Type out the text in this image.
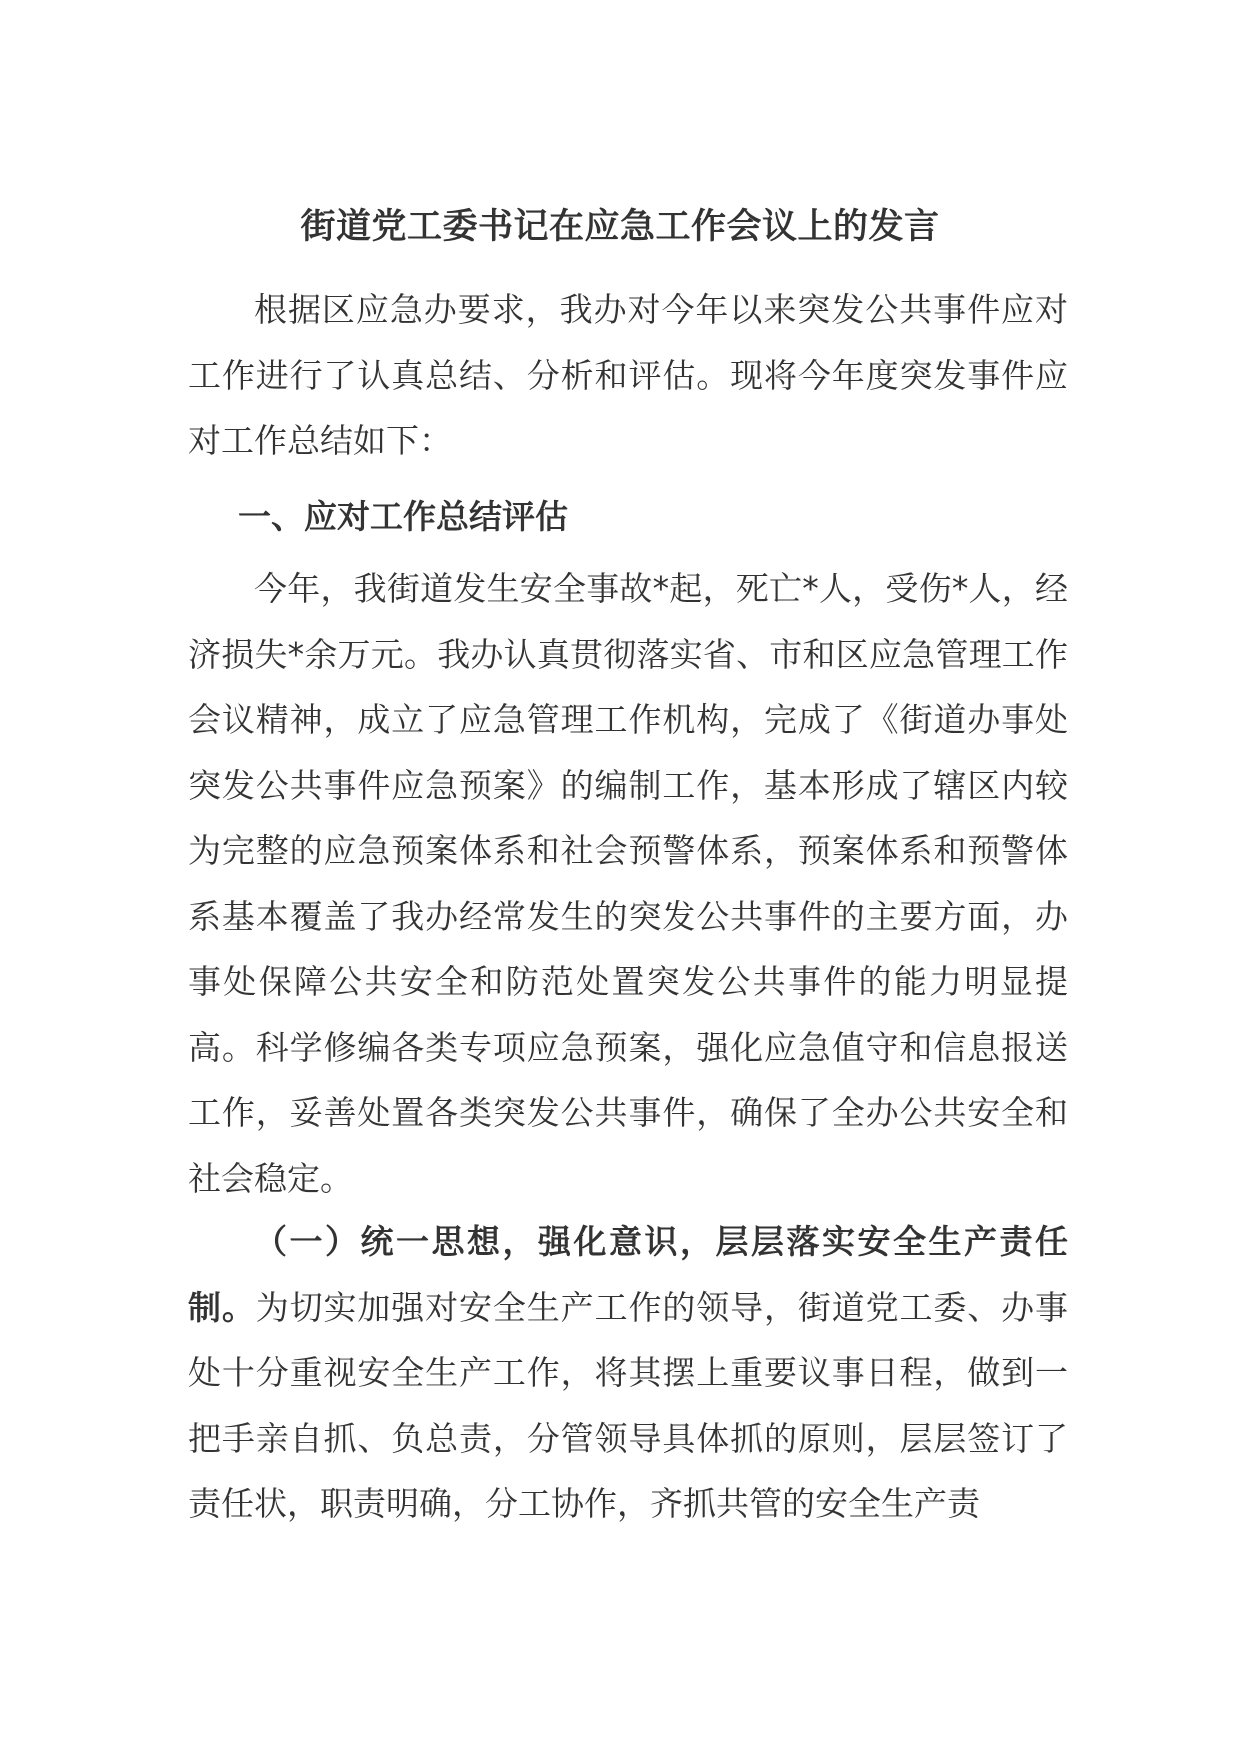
街道党工委书记在应急工作会议上的发言

根据区应急办要求，我办对今年以来突发公共事件应对工作进行了认真总结、分析和评估。现将今年度突发事件应对工作总结如下：

一、应对工作总结评估

今年，我街道发生安全事故*起，死亡*人，受伤*人，经济损失*余万元。我办认真贯彻落实省、市和区应急管理工作会议精神，成立了应急管理工作机构，完成了《街道办事处突发公共事件应急预案》的编制工作，基本形成了辖区内较为完整的应急预案体系和社会预警体系，预案体系和预警体系基本覆盖了我办经常发生的突发公共事件的主要方面，办事处保障公共安全和防范处置突发公共事件的能力明显提高。科学修编各类专项应急预案，强化应急值守和信息报送工作，妥善处置各类突发公共事件，确保了全办公共安全和社会稳定。

（一）统一思想，强化意识，层层落实安全生产责任制。为切实加强对安全生产工作的领导，街道党工委、办事处十分重视安全生产工作，将其摆上重要议事日程，做到一把手亲自抓、负总责，分管领导具体抓的原则，层层签订了责任状，职责明确，分工协作，齐抓共管的安全生产责
